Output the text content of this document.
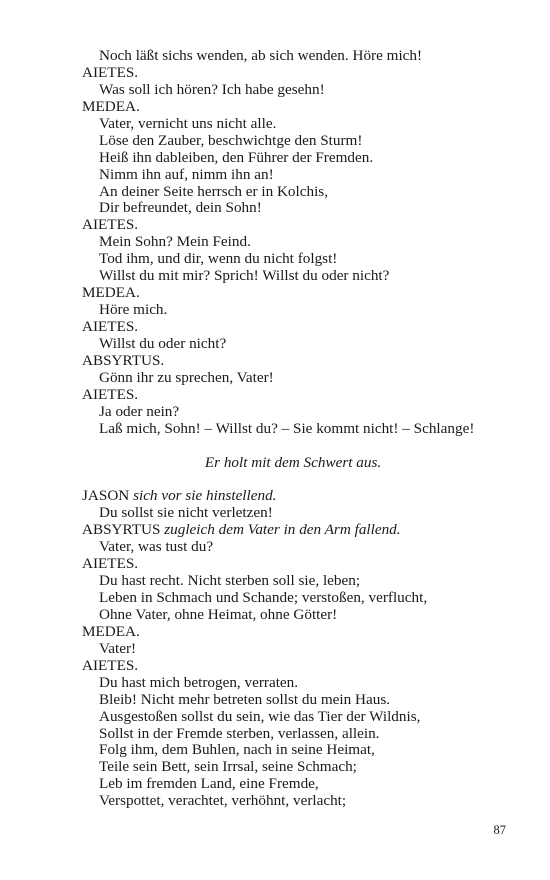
Noch läßt sichs wenden, ab sich wenden. Höre mich!
AIETES.
Was soll ich hören? Ich habe gesehn!
MEDEA.
Vater, vernicht uns nicht alle.
Löse den Zauber, beschwichtge den Sturm!
Heiß ihn dableiben, den Führer der Fremden.
Nimm ihn auf, nimm ihn an!
An deiner Seite herrsch er in Kolchis,
Dir befreundet, dein Sohn!
AIETES.
Mein Sohn? Mein Feind.
Tod ihm, und dir, wenn du nicht folgst!
Willst du mit mir? Sprich! Willst du oder nicht?
MEDEA.
Höre mich.
AIETES.
Willst du oder nicht?
ABSYRTUS.
Gönn ihr zu sprechen, Vater!
AIETES.
Ja oder nein?
Laß mich, Sohn! – Willst du? – Sie kommt nicht! – Schlange!
Er holt mit dem Schwert aus.
JASON sich vor sie hinstellend.
Du sollst sie nicht verletzen!
ABSYRTUS zugleich dem Vater in den Arm fallend.
Vater, was tust du?
AIETES.
Du hast recht. Nicht sterben soll sie, leben;
Leben in Schmach und Schande; verstoßen, verflucht,
Ohne Vater, ohne Heimat, ohne Götter!
MEDEA.
Vater!
AIETES.
Du hast mich betrogen, verraten.
Bleib! Nicht mehr betreten sollst du mein Haus.
Ausgestoßen sollst du sein, wie das Tier der Wildnis,
Sollst in der Fremde sterben, verlassen, allein.
Folg ihm, dem Buhlen, nach in seine Heimat,
Teile sein Bett, sein Irrsal, seine Schmach;
Leb im fremden Land, eine Fremde,
Verspottet, verachtet, verhöhnt, verlacht;
87
